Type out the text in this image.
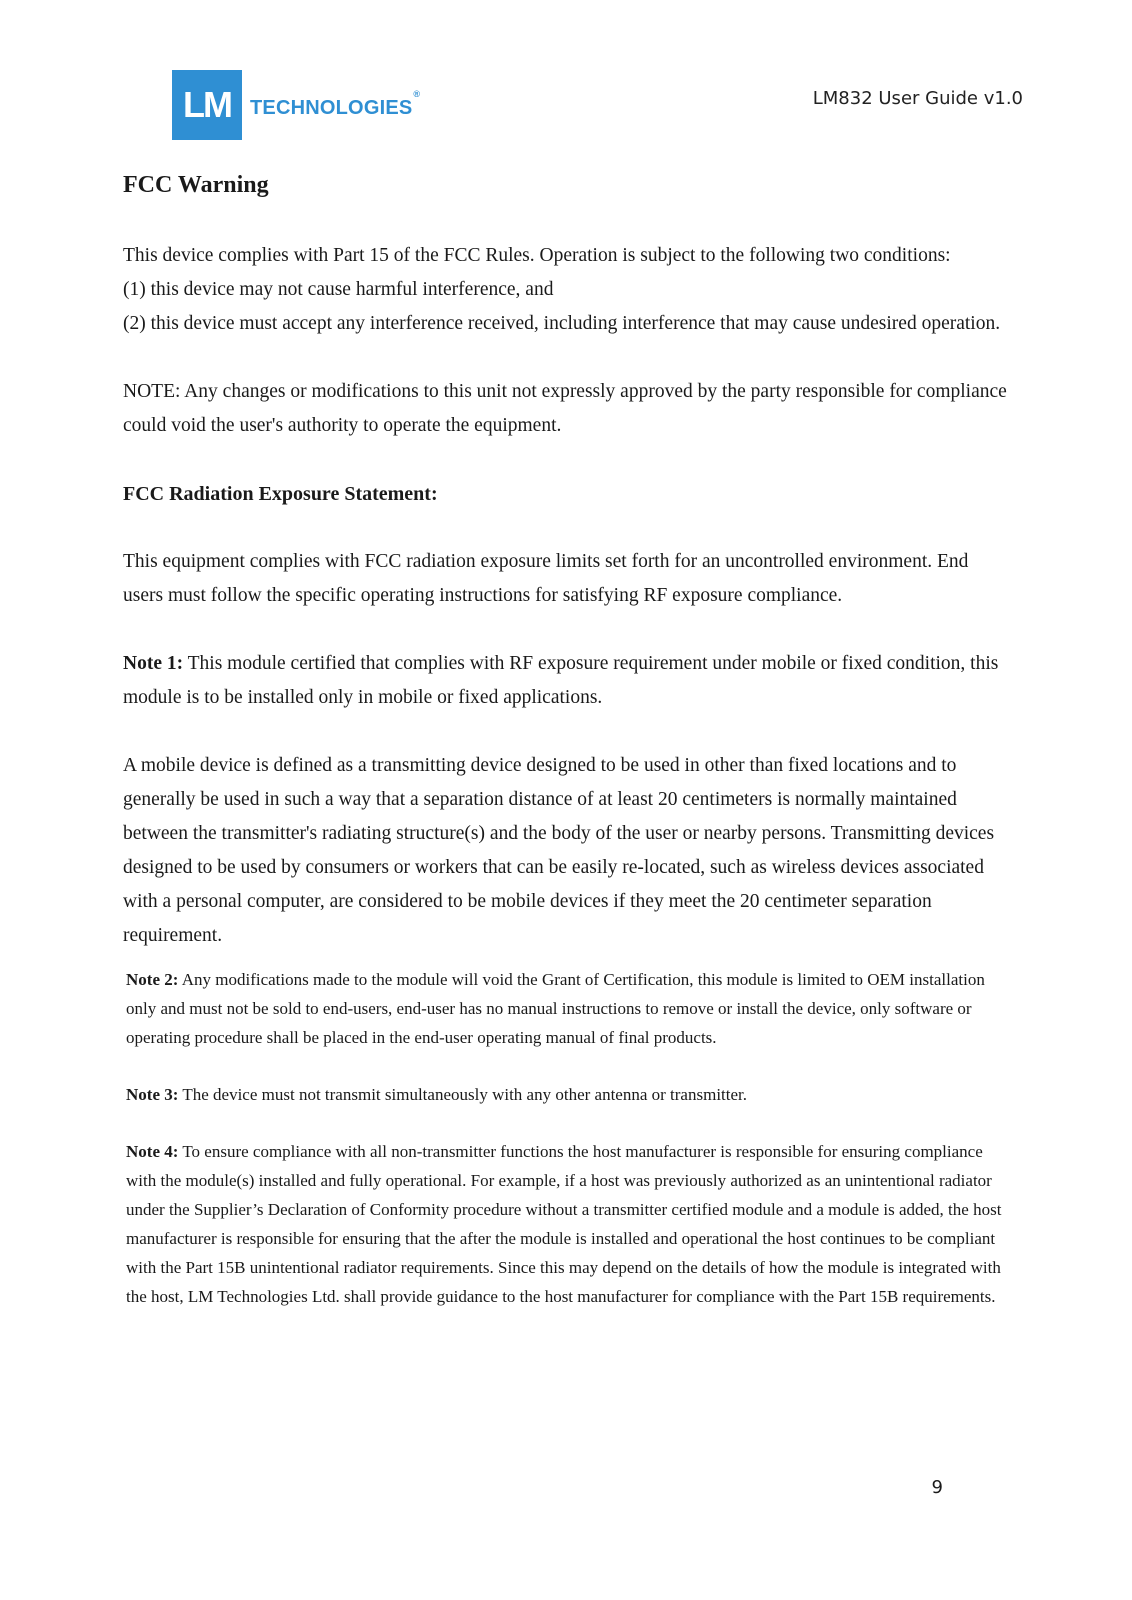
LM TECHNOLOGIES®	LM832 User Guide v1.0
FCC Warning

This device complies with Part 15 of the FCC Rules. Operation is subject to the following two conditions:

(1) this device may not cause harmful interference, and

(2) this device must accept any interference received, including interference that may cause undesired operation.

NOTE: Any changes or modifications to this unit not expressly approved by the party responsible for compliance could void the user's authority to operate the equipment.

FCC Radiation Exposure Statement:

This equipment complies with FCC radiation exposure limits set forth for an uncontrolled environment. End users must follow the specific operating instructions for satisfying RF exposure compliance.

Note 1: This module certified that complies with RF exposure requirement under mobile or fixed condition, this module is to be installed only in mobile or fixed applications.

A mobile device is defined as a transmitting device designed to be used in other than fixed locations and to generally be used in such a way that a separation distance of at least 20 centimeters is normally maintained between the transmitter's radiating structure(s) and the body of the user or nearby persons. Transmitting devices designed to be used by consumers or workers that can be easily re-located, such as wireless devices associated with a personal computer, are considered to be mobile devices if they meet the 20 centimeter separation requirement.

Note 2: Any modifications made to the module will void the Grant of Certification, this module is limited to OEM installation only and must not be sold to end-users, end-user has no manual instructions to remove or install the device, only software or operating procedure shall be placed in the end-user operating manual of final products.

Note 3: The device must not transmit simultaneously with any other antenna or transmitter.

Note 4: To ensure compliance with all non-transmitter functions the host manufacturer is responsible for ensuring compliance with the module(s) installed and fully operational. For example, if a host was previously authorized as an unintentional radiator under the Supplier’s Declaration of Conformity procedure without a transmitter certified module and a module is added, the host manufacturer is responsible for ensuring that the after the module is installed and operational the host continues to be compliant with the Part 15B unintentional radiator requirements. Since this may depend on the details of how the module is integrated with the host, LM Technologies Ltd. shall provide guidance to the host manufacturer for compliance with the Part 15B requirements.

9
